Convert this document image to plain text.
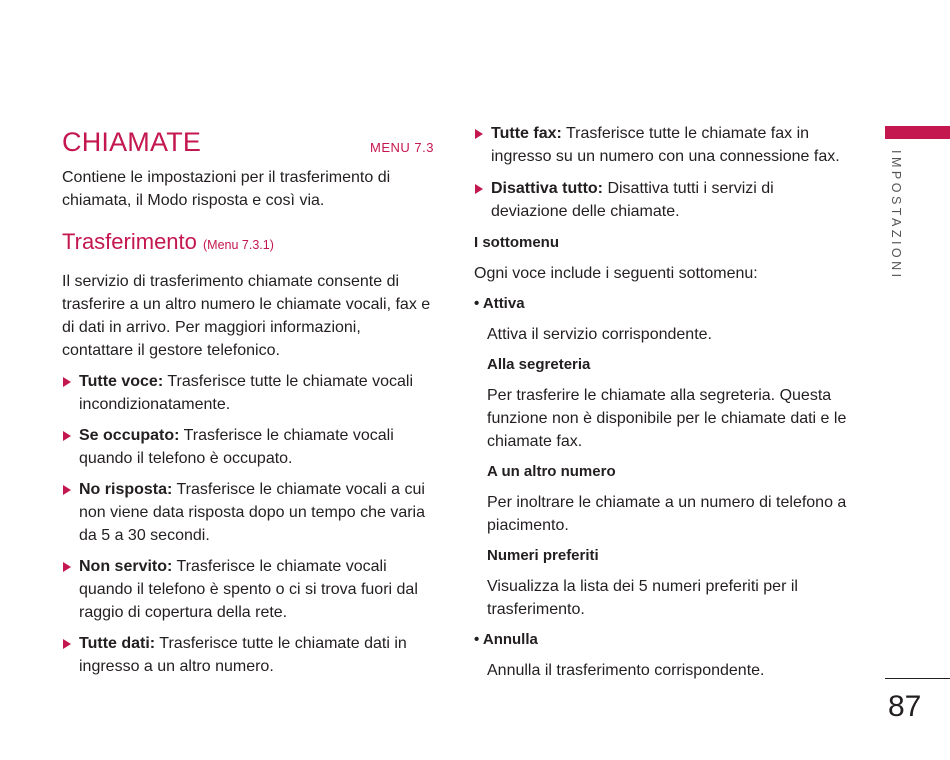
CHIAMATE	MENU 7.3

Contiene le impostazioni per il trasferimento di chiamata, il Modo risposta e così via.

Trasferimento (Menu 7.3.1)

Il servizio di trasferimento chiamate consente di trasferire a un altro numero le chiamate vocali, fax e di dati in arrivo. Per maggiori informazioni, contattare il gestore telefonico.

Tutte voce: Trasferisce tutte le chiamate vocali incondizionatamente.
Se occupato: Trasferisce le chiamate vocali quando il telefono è occupato.
No risposta: Trasferisce le chiamate vocali a cui non viene data risposta dopo un tempo che varia da 5 a 30 secondi.
Non servito: Trasferisce le chiamate vocali quando il telefono è spento o ci si trova fuori dal raggio di copertura della rete.
Tutte dati: Trasferisce tutte le chiamate dati in ingresso a un altro numero.
Tutte fax: Trasferisce tutte le chiamate fax in ingresso su un numero con una connessione fax.
Disattiva tutto: Disattiva tutti i servizi di deviazione delle chiamate.
I sottomenu

Ogni voce include i seguenti sottomenu:

• Attiva

Attiva il servizio corrispondente.

Alla segreteria

Per trasferire le chiamate alla segreteria. Questa funzione non è disponibile per le chiamate dati e le chiamate fax.

A un altro numero

Per inoltrare le chiamate a un numero di telefono a piacimento.

Numeri preferiti

Visualizza la lista dei 5 numeri preferiti per il trasferimento.

• Annulla

Annulla il trasferimento corrispondente.

IMPOSTAZIONI
87
